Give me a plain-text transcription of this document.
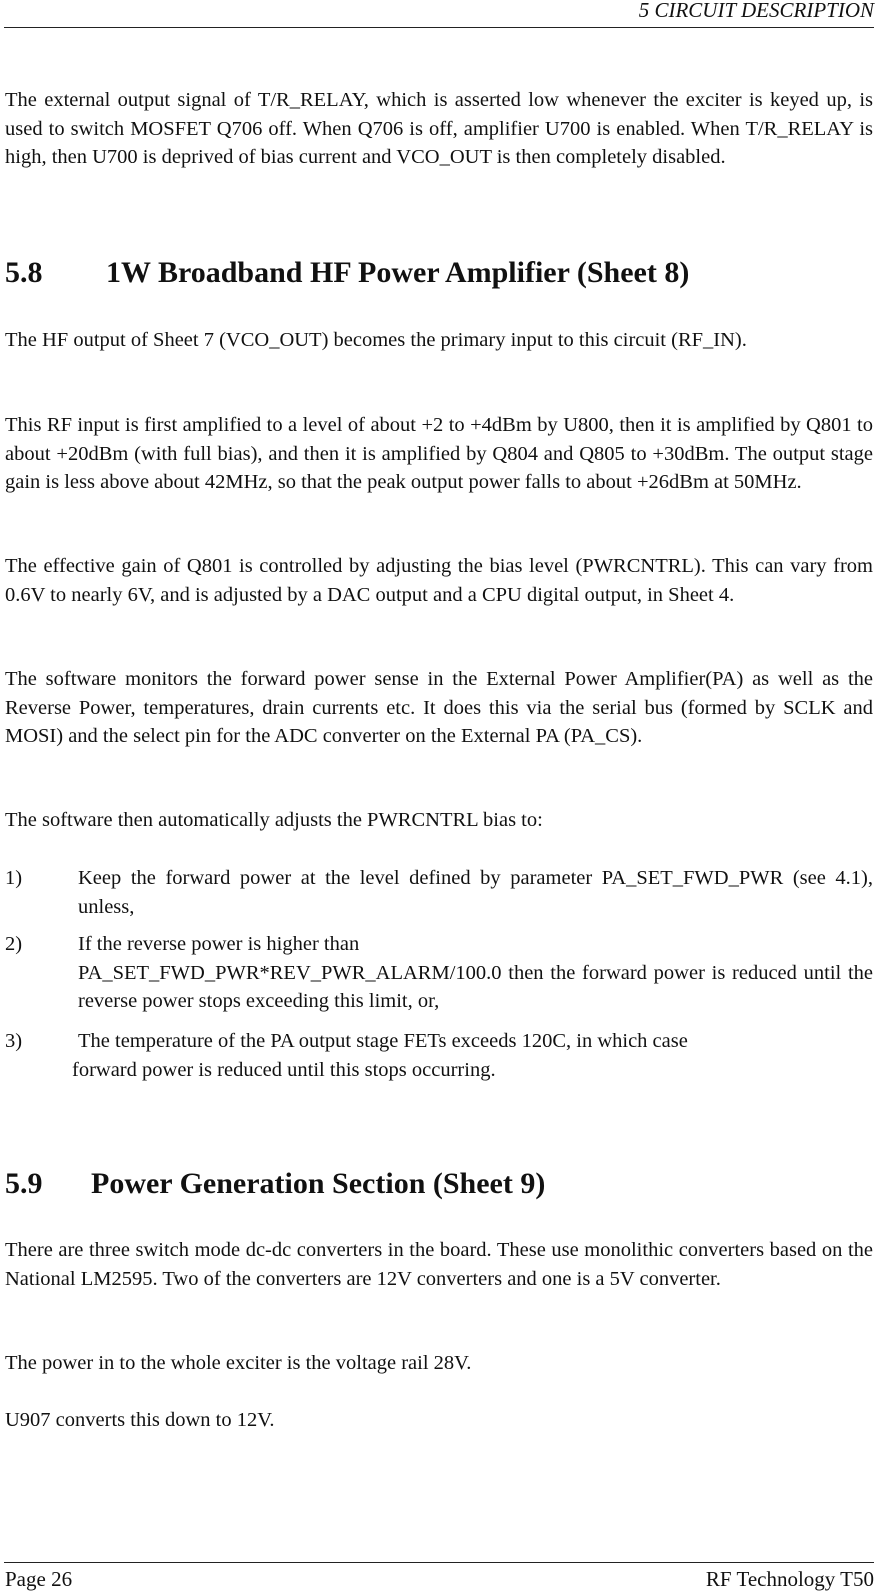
5 CIRCUIT DESCRIPTION

The external output signal of T/R_RELAY, which is asserted low whenever the exciter is keyed up, is used to switch MOSFET Q706 off. When Q706 is off, amplifier U700 is enabled. When T/R_RELAY is high, then U700 is deprived of bias current and VCO_OUT is then completely disabled.

5.8 1W Broadband HF Power Amplifier (Sheet 8)

The HF output of Sheet 7 (VCO_OUT) becomes the primary input to this circuit (RF_IN).

This RF input is first amplified to a level of about +2 to +4dBm by U800, then it is amplified by Q801 to about +20dBm (with full bias), and then it is amplified by Q804 and Q805 to +30dBm. The output stage gain is less above about 42MHz, so that the peak output power falls to about +26dBm at 50MHz.

The effective gain of Q801 is controlled by adjusting the bias level (PWRCNTRL). This can vary from 0.6V to nearly 6V, and is adjusted by a DAC output and a CPU digital output, in Sheet 4.

The software monitors the forward power sense in the External Power Amplifier(PA) as well as the Reverse Power, temperatures, drain currents etc. It does this via the serial bus (formed by SCLK and MOSI) and the select pin for the ADC converter on the External PA (PA_CS).

The software then automatically adjusts the PWRCNTRL bias to:

1)	Keep the forward power at the level defined by parameter PA_SET_FWD_PWR (see 4.1), unless,
2)	If the reverse power is higher than
PA_SET_FWD_PWR*REV_PWR_ALARM/100.0 then the forward power is reduced until the reverse power stops exceeding this limit, or,
3)	The temperature of the PA output stage FETs exceeds 120C, in which case
forward power is reduced until this stops occurring.
5.9 Power Generation Section (Sheet 9)

There are three switch mode dc-dc converters in the board. These use monolithic converters based on the National LM2595. Two of the converters are 12V converters and one is a 5V converter.

The power in to the whole exciter is the voltage rail 28V.

U907 converts this down to 12V.

Page 26	RF Technology T50
